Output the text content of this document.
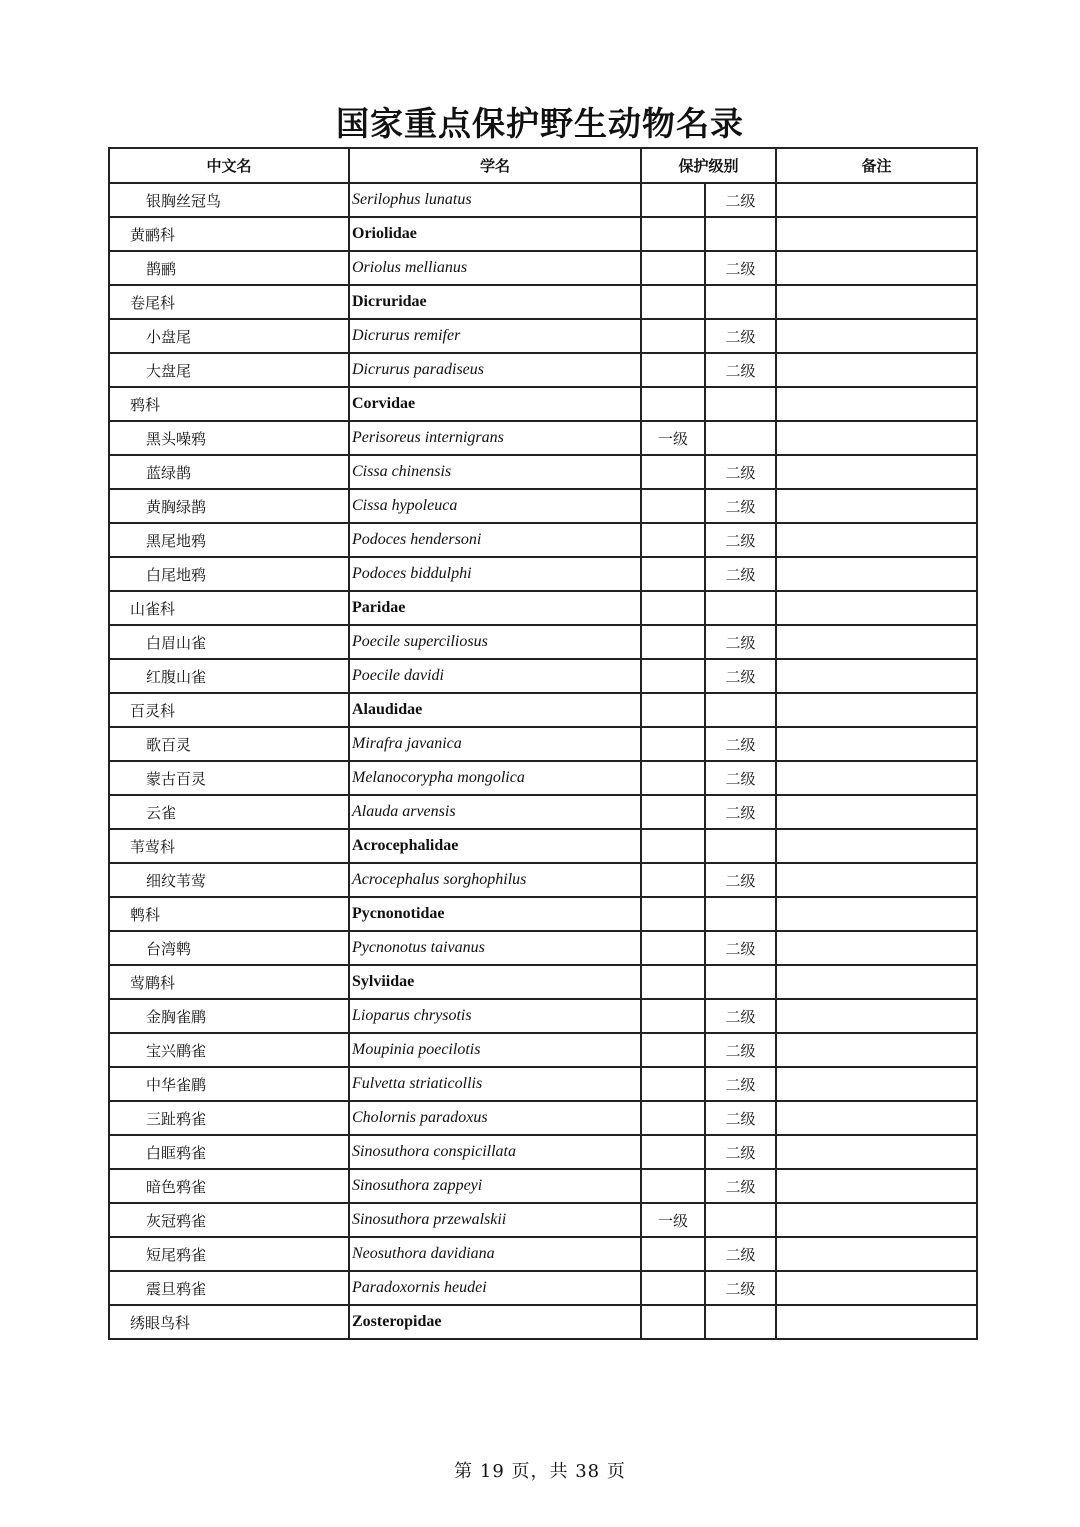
国家重点保护野生动物名录
中文名	学名	保护级别		备注
银胸丝冠鸟	Serilophus lunatus		二级	
黄鹂科	Oriolidae			
鹊鹂	Oriolus mellianus		二级	
卷尾科	Dicruridae			
小盘尾	Dicrurus remifer		二级	
大盘尾	Dicrurus paradiseus		二级	
鸦科	Corvidae			
黑头噪鸦	Perisoreus internigrans	一级		
蓝绿鹊	Cissa chinensis		二级	
黄胸绿鹊	Cissa hypoleuca		二级	
黑尾地鸦	Podoces hendersoni		二级	
白尾地鸦	Podoces biddulphi		二级	
山雀科	Paridae			
白眉山雀	Poecile superciliosus		二级	
红腹山雀	Poecile davidi		二级	
百灵科	Alaudidae			
歌百灵	Mirafra javanica		二级	
蒙古百灵	Melanocorypha mongolica		二级	
云雀	Alauda arvensis		二级	
苇莺科	Acrocephalidae			
细纹苇莺	Acrocephalus sorghophilus		二级	
鹎科	Pycnonotidae			
台湾鹎	Pycnonotus taivanus		二级	
莺鹛科	Sylviidae			
金胸雀鹛	Lioparus chrysotis		二级	
宝兴鹛雀	Moupinia poecilotis		二级	
中华雀鹛	Fulvetta striaticollis		二级	
三趾鸦雀	Cholornis paradoxus		二级	
白眶鸦雀	Sinosuthora conspicillata		二级	
暗色鸦雀	Sinosuthora zappeyi		二级	
灰冠鸦雀	Sinosuthora przewalskii	一级		
短尾鸦雀	Neosuthora davidiana		二级	
震旦鸦雀	Paradoxornis heudei		二级	
绣眼鸟科	Zosteropidae			
第 19 页，共 38 页
